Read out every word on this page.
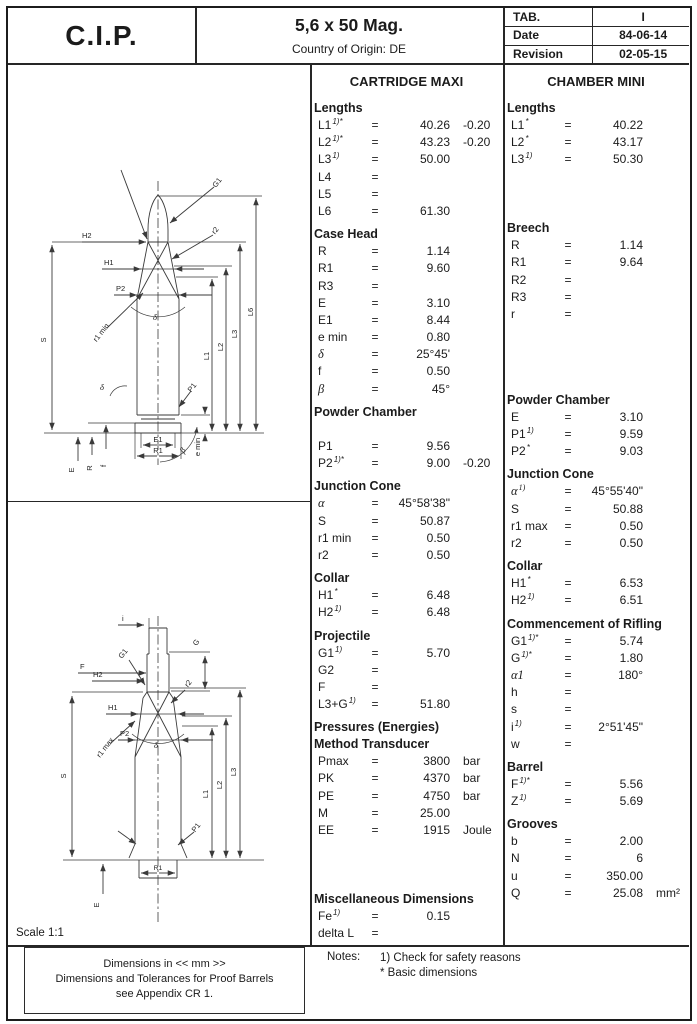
C.I.P.	5,6 x 50 Mag.
Country of Origin: DE
TAB.	I
Date	84-06-14
Revision	02-05-15
S
H2
H1
P2
G1
r2
r1 min
δ
δ
β e min
P1
E R f
E1
R1
L1
L2
L3
L6
i
F
H2
G1
G
r2
H1
P2
r1 max	δ
S
P1
R1
E
L1
L2
L3
CARTRIDGE MAXI
Lengths
$L1^{1)*}$	=	40.26	-0.20
$L2^{1)*}$	=	43.23	-0.20
$L3^{1)}$	=	50.00
L4	=
L5	=
L6	=	61.30
Case Head
R	=	1.14
R1	=	9.60
R3	=
E	=	3.10
E1	=	8.44
e min	=	0.80
δ	=	25°45'
f	=	0.50
β	=	45°
Powder Chamber
P1	=	9.56
$P2^{1)*}$	=	9.00	-0.20
Junction Cone
α	=	45°58'38"
S	=	50.87
r1 min	=	0.50
r2	=	0.50
Collar
H1*	=	6.48
$H2^{1)}$	=	6.48
Projectile
$G1^{1)}$	=	5.70
G2	=
F	=
$L3+G^{1)}$	=	51.80
Pressures (Energies)
Method Transducer
Pmax	=	3800	bar
PK	=	4370	bar
PE	=	4750	bar
M	=	25.00
EE	=	1915	Joule
Miscellaneous Dimensions
$Fe^{1)}$	=	0.15
delta L	=
CHAMBER MINI
Lengths
L1*	=	40.22
L2*	=	43.17
$L3^{1)}$	=	50.30
Breech
R	=	1.14
R1	=	9.64
R2	=
R3	=
r	=
Powder Chamber
E	=	3.10
$P1^{1)}$	=	9.59
P2*	=	9.03
Junction Cone
$\alpha^{1)}$	=	45°55'40"
S	=	50.88
r1 max	=	0.50
r2	=	0.50
Collar
H1*	=	6.53
$H2^{1)}$	=	6.51
Commencement of Rifling
$G1^{1)*}$	=	5.74
$G^{1)*}$	=	1.80
α1	=	180°
h	=
s	=
$i^{1)}$	=	2°51'45"
w	=
Barrel
$F^{1)*}$	=	5.56
$Z^{1)}$	=	5.69
Grooves
b	=	2.00
N	=	6
u	=	350.00
Q	=	25.08	mm²
Scale 1:1
Dimensions in << mm >>
Dimensions and Tolerances for Proof Barrels
see Appendix CR 1.
Notes: 1) Check for safety reasons
* Basic dimensions
